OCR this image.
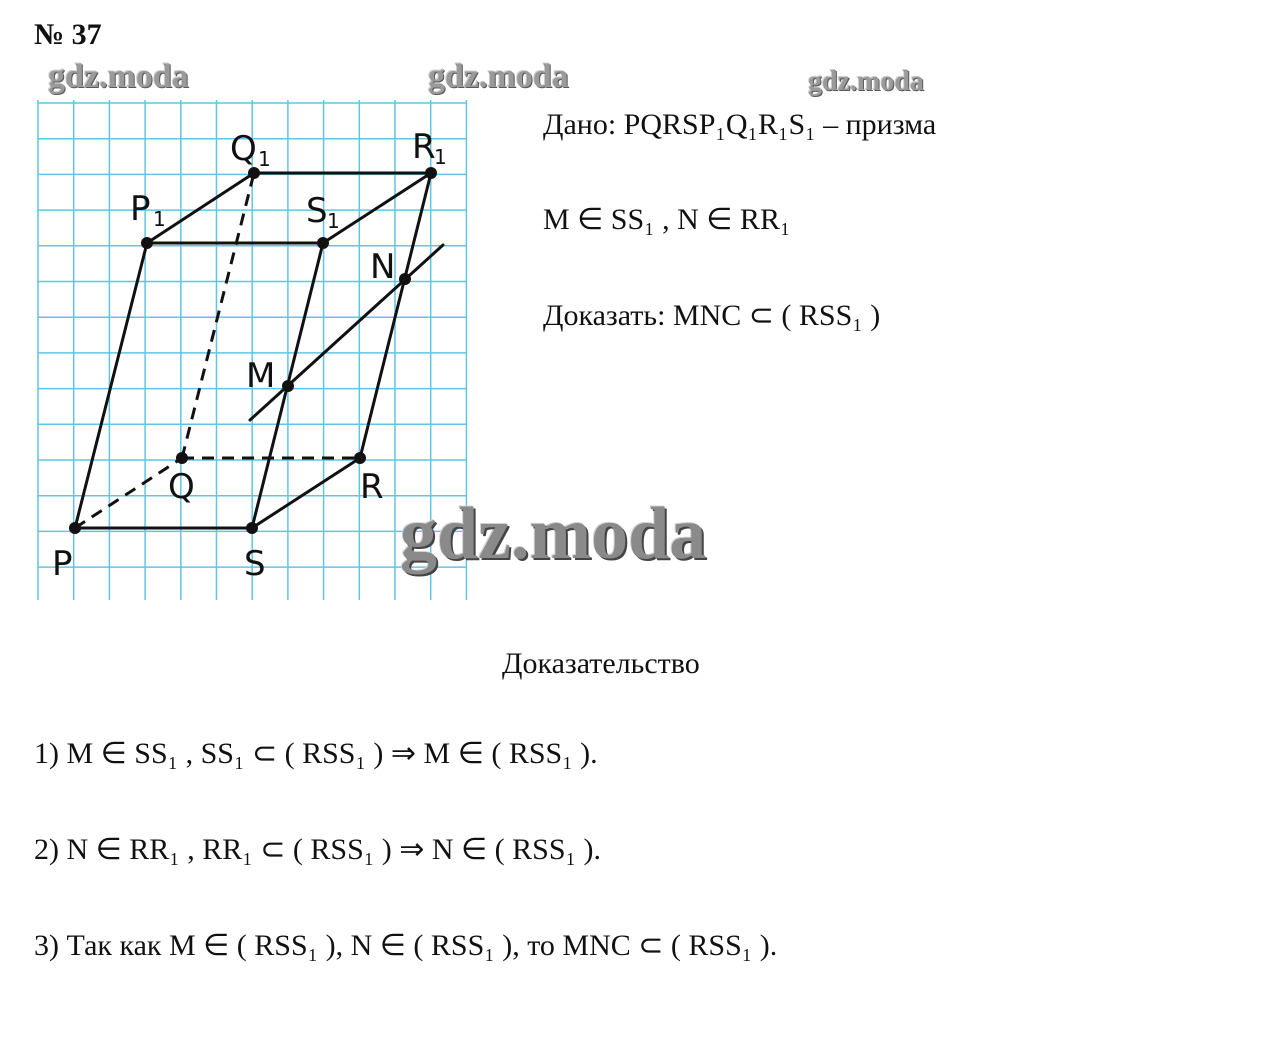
P	S
Q	R
M
N
P	S
Q	R
1	1
1	1
№ 37
gdz.moda	gdz.moda	gdz.moda
gdz.moda
Дано: PQRSP₁Q₁R₁S₁ – призма
M ∈ SS₁ , N ∈ RR₁
Доказать: MNC ⊂ ( RSS₁ )
Доказательство
1) M ∈ SS₁ , SS₁ ⊂ ( RSS₁ ) ⇒ M ∈ ( RSS₁ ).
2) N ∈ RR₁ , RR₁ ⊂ ( RSS₁ ) ⇒ N ∈ ( RSS₁ ).
3) Так как M ∈ ( RSS₁ ), N ∈ ( RSS₁ ), то MNC ⊂ ( RSS₁ ).
